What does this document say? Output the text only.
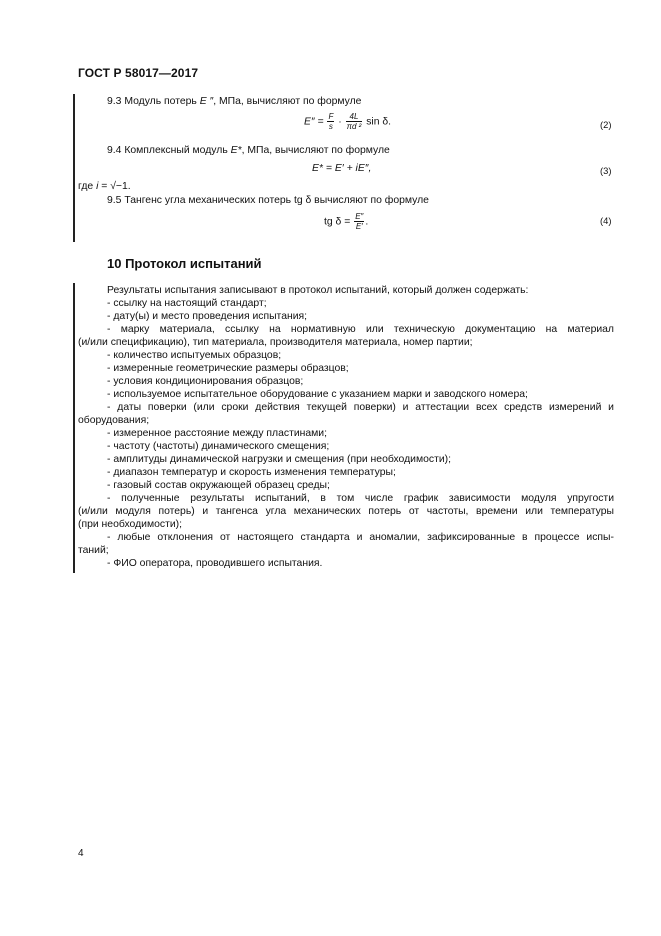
ГОСТ Р 58017—2017
9.3 Модуль потерь E ″, МПа, вычисляют по формуле
$E'' = \frac{F}{s} \cdot \frac{4L}{\text{πd ²}}$ sin δ.	(2)
9.4 Комплексный модуль E*, МПа, вычисляют по формуле
E* = E′ + iE″,	(3)
где i = √−1.
9.5 Тангенс угла механических потерь tg δ вычисляют по формуле
tg $\delta = \frac{E''}{E'}$ .	(4)
10 Протокол испытаний
Результаты испытания записывают в протокол испытаний, который должен содержать:
- ссылку на настоящий стандарт;
- дату(ы) и место проведения испытания;
- марку материала, ссылку на нормативную или техническую документацию на материал
(и/или спецификацию), тип материала, производителя материала, номер партии;
- количество испытуемых образцов;
- измеренные геометрические размеры образцов;
- условия кондиционирования образцов;
- используемое испытательное оборудование с указанием марки и заводского номера;
- даты поверки (или сроки действия текущей поверки) и аттестации всех средств измерений и
оборудования;
- измеренное расстояние между пластинами;
- частоту (частоты) динамического смещения;
- амплитуды динамической нагрузки и смещения (при необходимости);
- диапазон температур и скорость изменения температуры;
- газовый состав окружающей образец среды;
- полученные результаты испытаний, в том числе график зависимости модуля упругости
(и/или модуля потерь) и тангенса угла механических потерь от частоты, времени или температуры
(при необходимости);
- любые отклонения от настоящего стандарта и аномалии, зафиксированные в процессе испы-
таний;
- ФИО оператора, проводившего испытания.
4
